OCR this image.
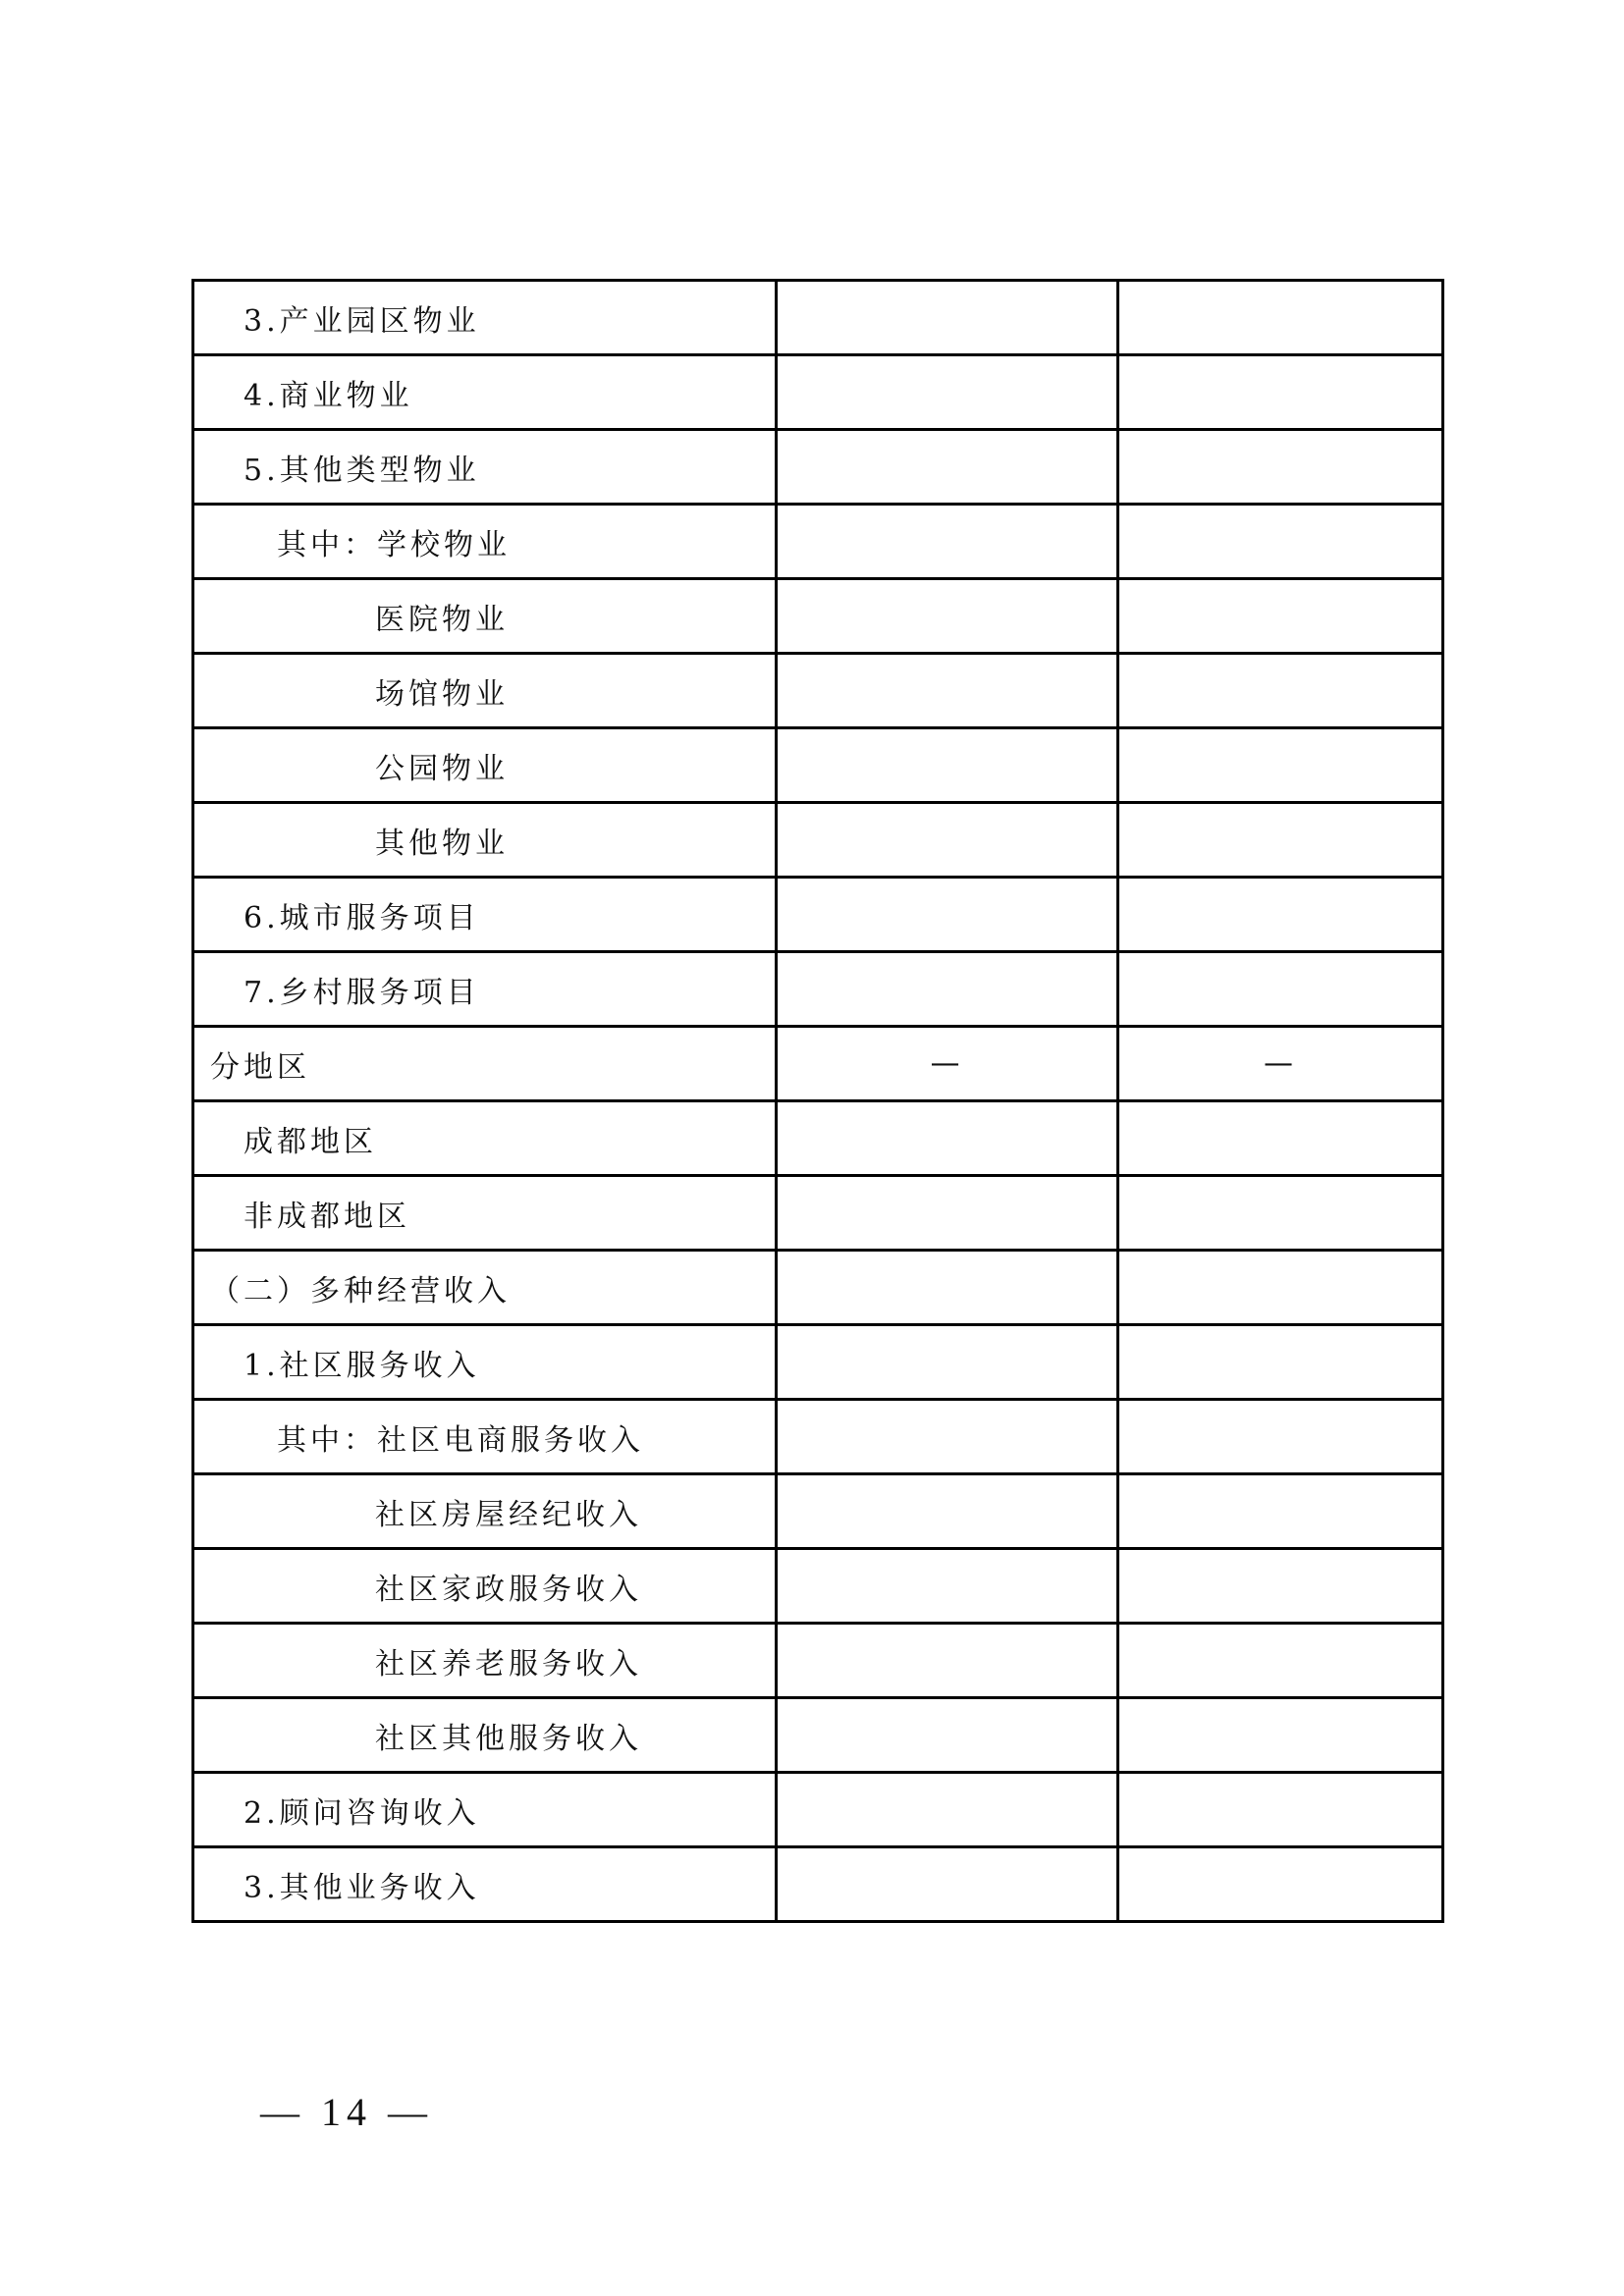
3.产业园区物业		
4.商业物业		
5.其他类型物业		
其中：学校物业		
医院物业		
场馆物业		
公园物业		
其他物业		
6.城市服务项目		
7.乡村服务项目		
分地区	—	—
成都地区		
非成都地区		
（二）多种经营收入		
1.社区服务收入		
其中：社区电商服务收入		
社区房屋经纪收入		
社区家政服务收入		
社区养老服务收入		
社区其他服务收入		
2.顾问咨询收入		
3.其他业务收入		
— 14 —
